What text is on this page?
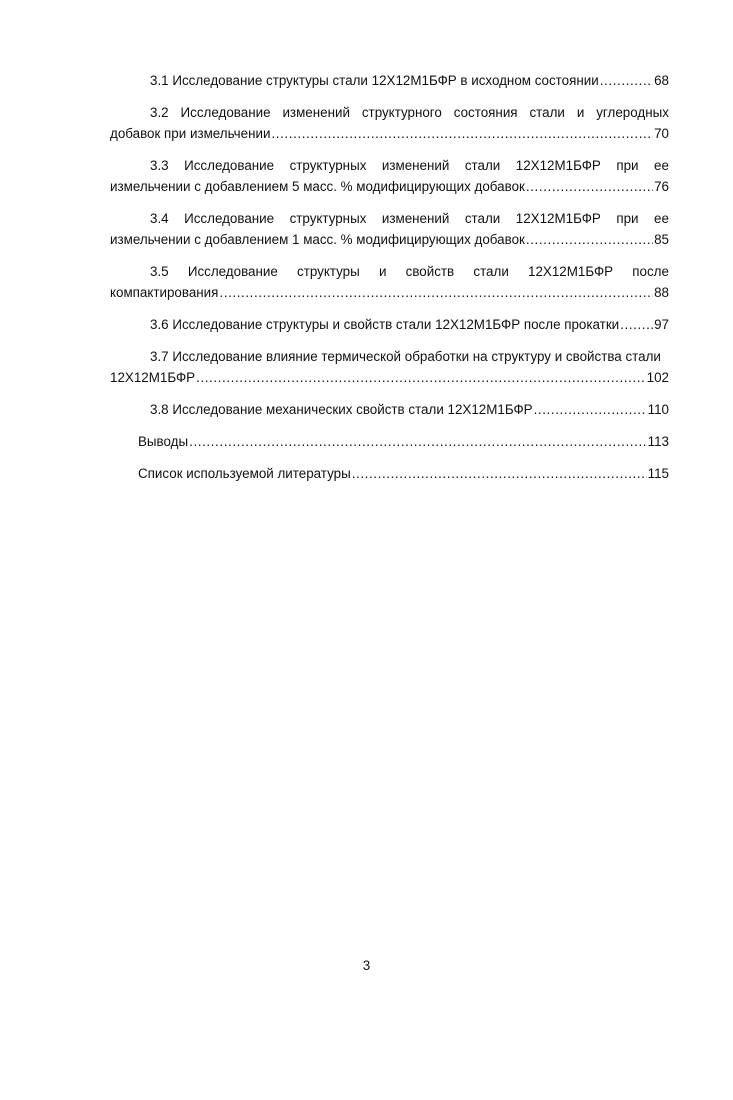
3.1 Исследование структуры стали 12Х12М1БФР в исходном состоянии .....	68
3.2 Исследование изменений структурного состояния стали и углеродных
добавок при измельчении .....	70
3.3 Исследование структурных изменений стали 12Х12М1БФР при ее
измельчении с добавлением 5 масс. % модифицирующих добавок .....	76
3.4 Исследование структурных изменений стали 12Х12М1БФР при ее
измельчении с добавлением 1 масс. % модифицирующих добавок .....	85
3.5 Исследование структуры и свойств стали 12Х12М1БФР после
компактирования .....	88
3.6 Исследование структуры и свойств стали 12Х12М1БФР после прокатки .....	97
3.7 Исследование влияние термической обработки на структуру и свойства стали
12Х12М1БФР .....	102
3.8 Исследование механических свойств стали 12Х12М1БФР .....	110
Выводы .....	113
Список используемой литературы .....	115
3
